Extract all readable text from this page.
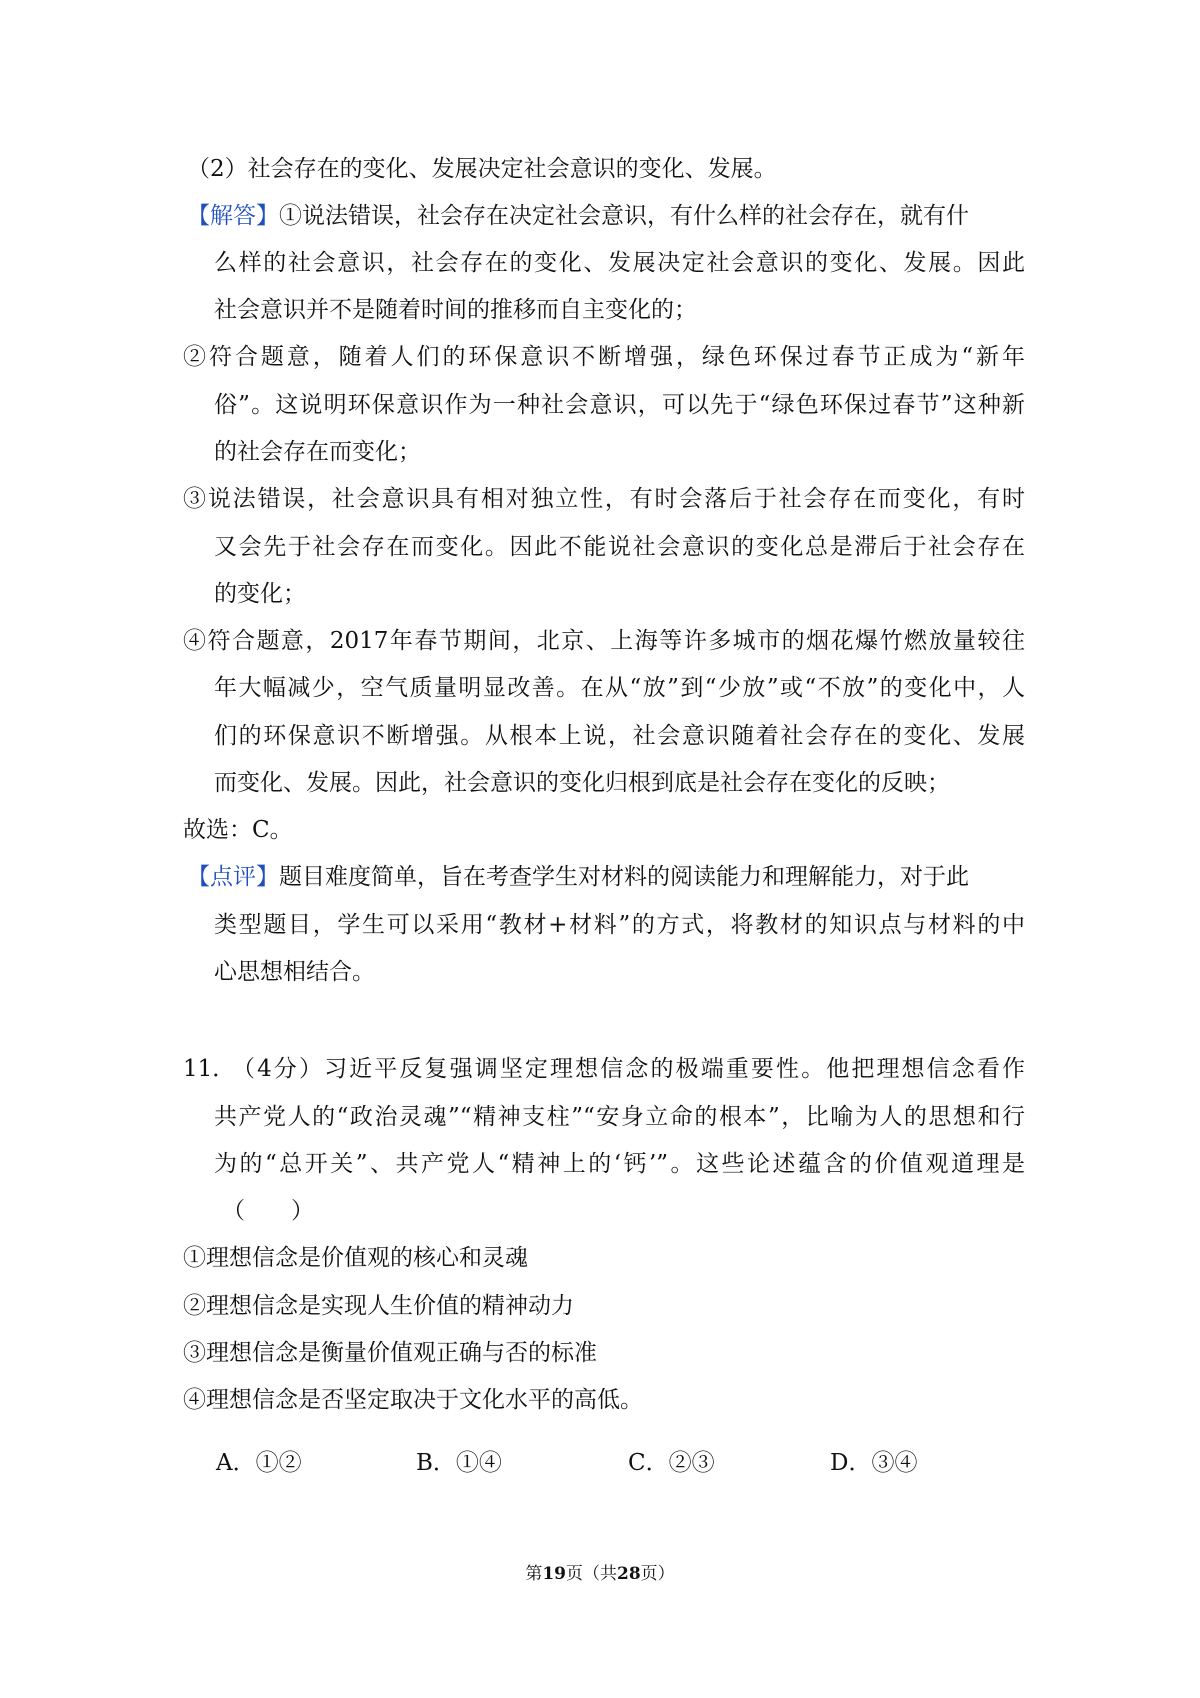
（2）社会存在的变化、发展决定社会意识的变化、发展。
【解答】①说法错误，社会存在决定社会意识，有什么样的社会存在，就有什
么样的社会意识，社会存在的变化、发展决定社会意识的变化、发展。因此
社会意识并不是随着时间的推移而自主变化的；
②符合题意，随着人们的环保意识不断增强，绿色环保过春节正成为“新年
俗”。这说明环保意识作为一种社会意识，可以先于“绿色环保过春节”这种新
的社会存在而变化；
③说法错误，社会意识具有相对独立性，有时会落后于社会存在而变化，有时
又会先于社会存在而变化。因此不能说社会意识的变化总是滞后于社会存在
的变化；
④符合题意，2017年春节期间，北京、上海等许多城市的烟花爆竹燃放量较往
年大幅减少，空气质量明显改善。在从“放”到“少放”或“不放”的变化中，人
们的环保意识不断增强。从根本上说，社会意识随着社会存在的变化、发展
而变化、发展。因此，社会意识的变化归根到底是社会存在变化的反映；
故选：C。
【点评】题目难度简单，旨在考查学生对材料的阅读能力和理解能力，对于此
类型题目，学生可以采用“教材+材料”的方式，将教材的知识点与材料的中
心思想相结合。
11．
（4分）习近平反复强调坚定理想信念的极端重要性。他把理想信念看作
共产党人的“政治灵魂”“精神支柱”“安身立命的根本”，比喻为人的思想和行
为的“总开关”、共产党人“精神上的‘钙’”。这些论述蕴含的价值观道理是
（　　）
①理想信念是价值观的核心和灵魂
②理想信念是实现人生价值的精神动力
③理想信念是衡量价值观正确与否的标准
④理想信念是否坚定取决于文化水平的高低。
A．①②	B．①④	C．②③	D．③④
第19页（共28页）
